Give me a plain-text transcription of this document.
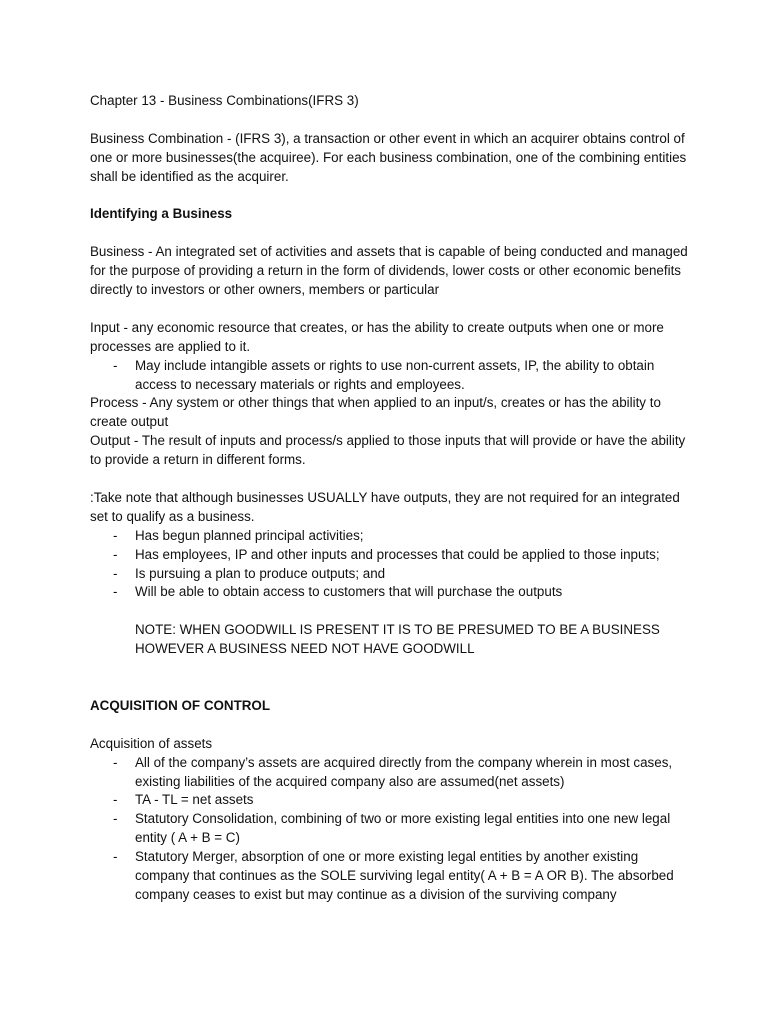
Chapter 13 - Business Combinations(IFRS 3)

Business Combination - (IFRS 3), a transaction or other event in which an acquirer obtains control of one or more businesses(the acquiree). For each business combination, one of the combining entities shall be identified as the acquirer.

Identifying a Business

Business - An integrated set of activities and assets that is capable of being conducted and managed for the purpose of providing a return in the form of dividends, lower costs or other economic benefits directly to investors or other owners, members or particular

Input - any economic resource that creates, or has the ability to create outputs when one or more processes are applied to it.

- May include intangible assets or rights to use non-current assets, IP, the ability to obtain access to necessary materials or rights and employees.

Process - Any system or other things that when applied to an input/s, creates or has the ability to create output

Output - The result of inputs and process/s applied to those inputs that will provide or have the ability to provide a return in different forms.

:Take note that although businesses USUALLY have outputs, they are not required for an integrated set to qualify as a business.

- Has begun planned principal activities;
- Has employees, IP and other inputs and processes that could be applied to those inputs;
- Is pursuing a plan to produce outputs; and
- Will be able to obtain access to customers that will purchase the outputs

NOTE: WHEN GOODWILL IS PRESENT IT IS TO BE PRESUMED TO BE A BUSINESS HOWEVER A BUSINESS NEED NOT HAVE GOODWILL

ACQUISITION OF CONTROL

Acquisition of assets

- All of the company’s assets are acquired directly from the company wherein in most cases, existing liabilities of the acquired company also are assumed(net assets)
- TA - TL = net assets
- Statutory Consolidation, combining of two or more existing legal entities into one new legal entity ( A + B = C)
- Statutory Merger, absorption of one or more existing legal entities by another existing company that continues as the SOLE surviving legal entity( A + B = A OR B). The absorbed company ceases to exist but may continue as a division of the surviving company
